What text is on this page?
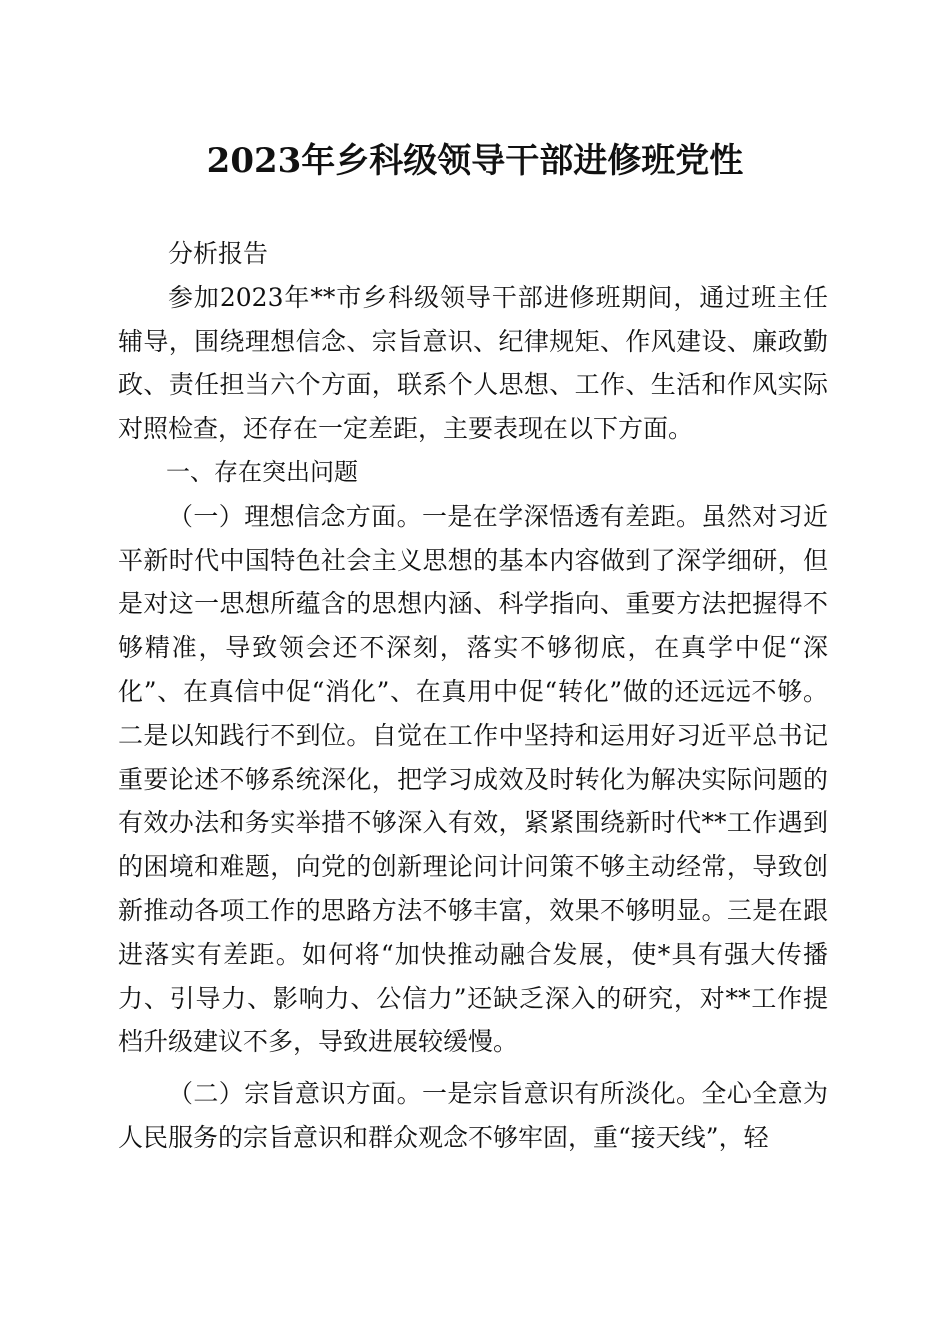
2023年乡科级领导干部进修班党性

分析报告

参加2023年**市乡科级领导干部进修班期间，通过班主任辅导，围绕理想信念、宗旨意识、纪律规矩、作风建设、廉政勤政、责任担当六个方面，联系个人思想、工作、生活和作风实际对照检查，还存在一定差距，主要表现在以下方面。

一、存在突出问题

（一）理想信念方面。一是在学深悟透有差距。虽然对习近平新时代中国特色社会主义思想的基本内容做到了深学细研，但是对这一思想所蕴含的思想内涵、科学指向、重要方法把握得不够精准，导致领会还不深刻，落实不够彻底，在真学中促“深化”、在真信中促“消化”、在真用中促“转化”做的还远远不够。二是以知践行不到位。自觉在工作中坚持和运用好习近平总书记重要论述不够系统深化，把学习成效及时转化为解决实际问题的有效办法和务实举措不够深入有效，紧紧围绕新时代**工作遇到的困境和难题，向党的创新理论问计问策不够主动经常，导致创新推动各项工作的思路方法不够丰富，效果不够明显。三是在跟进落实有差距。如何将“加快推动融合发展，使*具有强大传播力、引导力、影响力、公信力”还缺乏深入的研究，对**工作提档升级建议不多，导致进展较缓慢。

（二）宗旨意识方面。一是宗旨意识有所淡化。全心全意为人民服务的宗旨意识和群众观念不够牢固，重“接天线”，轻
